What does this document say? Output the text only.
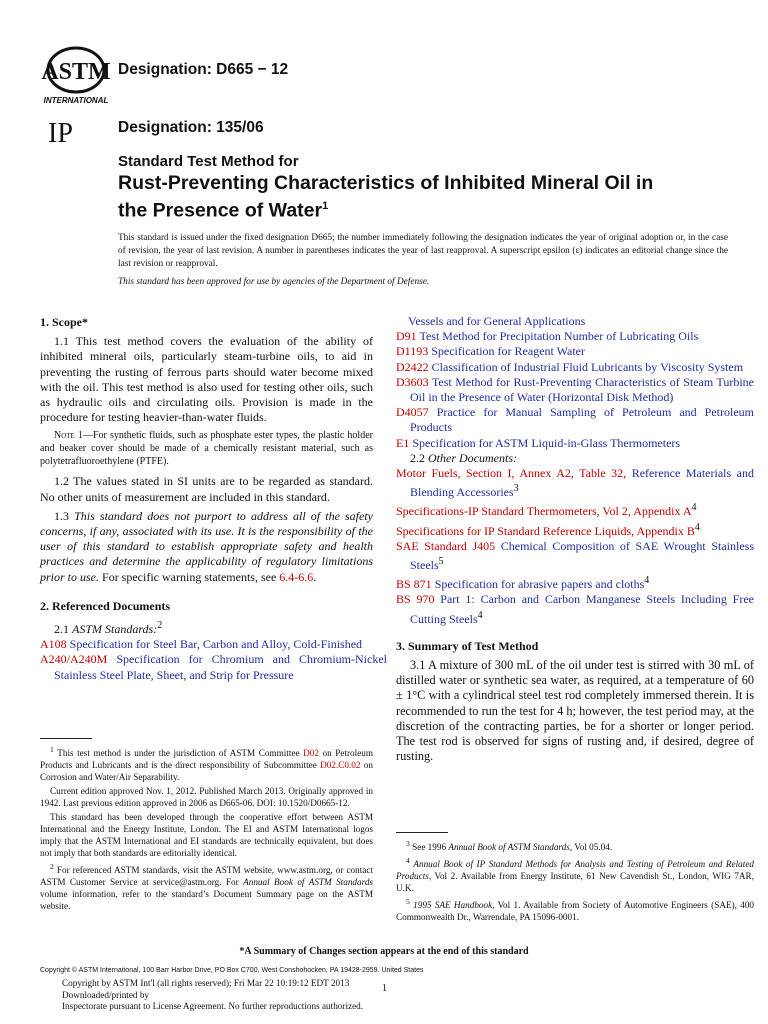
ASTM
INTERNATIONAL
IP
Designation: D665 − 12
Designation: 135/06
Standard Test Method for
Rust-Preventing Characteristics of Inhibited Mineral Oil in the Presence of Water$^1$

This standard is issued under the fixed designation D665; the number immediately following the designation indicates the year of original adoption or, in the case of revision, the year of last revision. A number in parentheses indicates the year of last reapproval. A superscript epsilon (ε) indicates an editorial change since the last revision or reapproval.

This standard has been approved for use by agencies of the Department of Defense.

1. Scope*

1.1 This test method covers the evaluation of the ability of inhibited mineral oils, particularly steam-turbine oils, to aid in preventing the rusting of ferrous parts should water become mixed with the oil. This test method is also used for testing other oils, such as hydraulic oils and circulating oils. Provision is made in the procedure for testing heavier-than-water fluids.

Note 1—For synthetic fluids, such as phosphate ester types, the plastic holder and beaker cover should be made of a chemically resistant material, such as polytetrafluoroethylene (PTFE).

1.2 The values stated in SI units are to be regarded as standard. No other units of measurement are included in this standard.

1.3 This standard does not purport to address all of the safety concerns, if any, associated with its use. It is the responsibility of the user of this standard to establish appropriate safety and health practices and determine the applicability of regulatory limitations prior to use. For specific warning statements, see 6.4-6.6.

2. Referenced Documents

2.1 ASTM Standards:$^2$

A108 Specification for Steel Bar, Carbon and Alloy, Cold-Finished

A240/A240M Specification for Chromium and Chromium-Nickel Stainless Steel Plate, Sheet, and Strip for Pressure

$^1$ This test method is under the jurisdiction of ASTM Committee D02 on Petroleum Products and Lubricants and is the direct responsibility of Subcommittee D02.C0.02 on Corrosion and Water/Air Separability.

Current edition approved Nov. 1, 2012. Published March 2013. Originally approved in 1942. Last previous edition approved in 2006 as D665-06. DOI: 10.1520/D0665-12.

This standard has been developed through the cooperative effort between ASTM International and the Energy Institute, London. The EI and ASTM International logos imply that the ASTM International and EI standards are technically equivalent, but does not imply that both standards are editorially identical.

$^2$ For referenced ASTM standards, visit the ASTM website, www.astm.org, or contact ASTM Customer Service at service@astm.org. For Annual Book of ASTM Standards volume information, refer to the standard’s Document Summary page on the ASTM website.

Vessels and for General Applications

D91 Test Method for Precipitation Number of Lubricating Oils

D1193 Specification for Reagent Water

D2422 Classification of Industrial Fluid Lubricants by Viscosity System

D3603 Test Method for Rust-Preventing Characteristics of Steam Turbine Oil in the Presence of Water (Horizontal Disk Method)

D4057 Practice for Manual Sampling of Petroleum and Petroleum Products

E1 Specification for ASTM Liquid-in-Glass Thermometers

2.2 Other Documents:

Motor Fuels, Section I, Annex A2, Table 32, Reference Materials and Blending Accessories$^3$

Specifications-IP Standard Thermometers, Vol 2, Appendix $A^4$

Specifications for IP Standard Reference Liquids, Appendix $B^4$

SAE Standard J405 Chemical Composition of SAE Wrought Stainless Steels$^5$

BS 871 Specification for abrasive papers and cloths$^4$

BS 970 Part 1: Carbon and Carbon Manganese Steels Including Free Cutting Steels$^4$

3. Summary of Test Method

3.1 A mixture of 300 mL of the oil under test is stirred with 30 mL of distilled water or synthetic sea water, as required, at a temperature of 60 ± 1°C with a cylindrical steel test rod completely immersed therein. It is recommended to run the test for 4 h; however, the test period may, at the discretion of the contracting parties, be for a shorter or longer period. The test rod is observed for signs of rusting and, if desired, degree of rusting.

$^3$ See 1996 Annual Book of ASTM Standards, Vol 05.04.

$^4$ Annual Book of IP Standard Methods for Analysis and Testing of Petroleum and Related Products, Vol 2. Available from Energy Institute, 61 New Cavendish St., London, WIG 7AR, U.K.

$^5$ 1995 SAE Handbook, Vol 1. Available from Society of Automotive Engineers (SAE), 400 Commonwealth Dr., Warrendale, PA 15096-0001.

*A Summary of Changes section appears at the end of this standard
Copyright © ASTM International, 100 Barr Harbor Drive, PO Box C700, West Conshohocken, PA 19428-2959. United States
Copyright by ASTM Int'l (all rights reserved); Fri Mar 22 10:19:12 EDT 2013
Downloaded/printed by
Inspectorate pursuant to License Agreement. No further reproductions authorized.
1
